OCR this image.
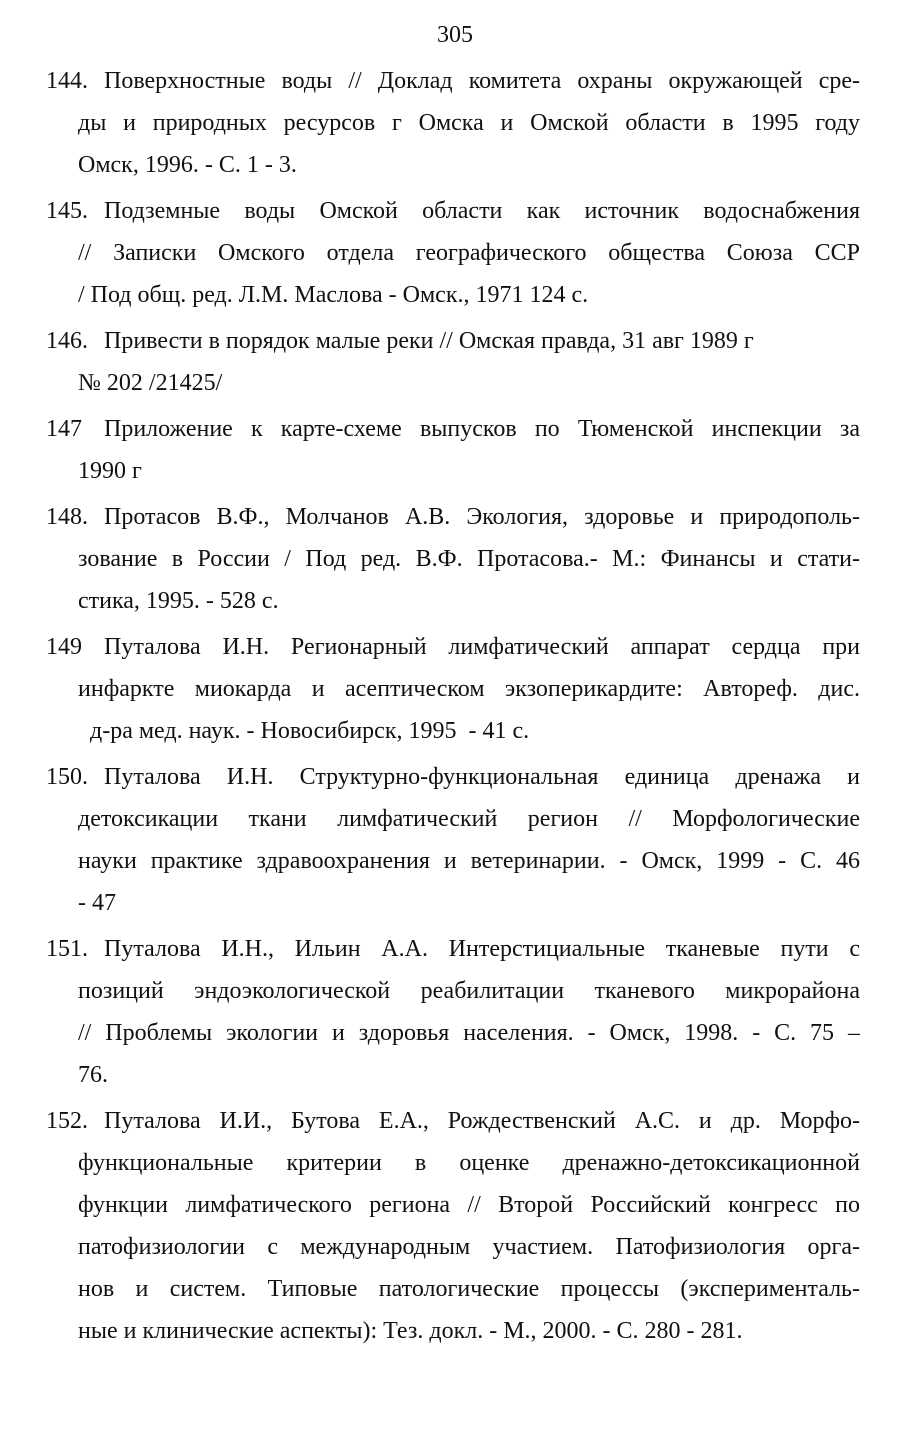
305
144. Поверхностные воды // Доклад комитета охраны окружающей сре-
ды и природных ресурсов г Омска и Омской области в 1995 году
Омск, 1996. - С. 1 - 3.
145. Подземные воды Омской области как источник водоснабжения
// Записки Омского отдела географического общества Союза ССР
/ Под общ. ред. Л.М. Маслова - Омск., 1971 124 с.
146. Привести в порядок малые реки // Омская правда, 31 авг 1989 г
№ 202 /21425/
147 Приложение к карте-схеме выпусков по Тюменской инспекции за
1990 г
148. Протасов В.Ф., Молчанов А.В. Экология, здоровье и природополь-
зование в России / Под ред. В.Ф. Протасова.- М.: Финансы и стати-
стика, 1995. - 528 с.
149 Путалова И.Н. Регионарный лимфатический аппарат сердца при
инфаркте миокарда и асептическом экзоперикардите: Автореф. дис.
д-ра мед. наук. - Новосибирск, 1995  - 41 с.
150. Путалова И.Н. Структурно-функциональная единица дренажа и
детоксикации ткани лимфатический регион // Морфологические
науки практике здравоохранения и ветеринарии. - Омск, 1999 - С. 46
- 47
151. Путалова И.Н., Ильин А.А. Интерстициальные тканевые пути с
позиций эндоэкологической реабилитации тканевого микрорайона
// Проблемы экологии и здоровья населения. - Омск, 1998. - С. 75 –
76.
152. Путалова И.И., Бутова Е.А., Рождественский А.С. и др. Морфо-
функциональные критерии в оценке дренажно-детоксикационной
функции лимфатического региона // Второй Российский конгресс по
патофизиологии с международным участием. Патофизиология орга-
нов и систем. Типовые патологические процессы (эксперименталь-
ные и клинические аспекты): Тез. докл. - М., 2000. - С. 280 - 281.
